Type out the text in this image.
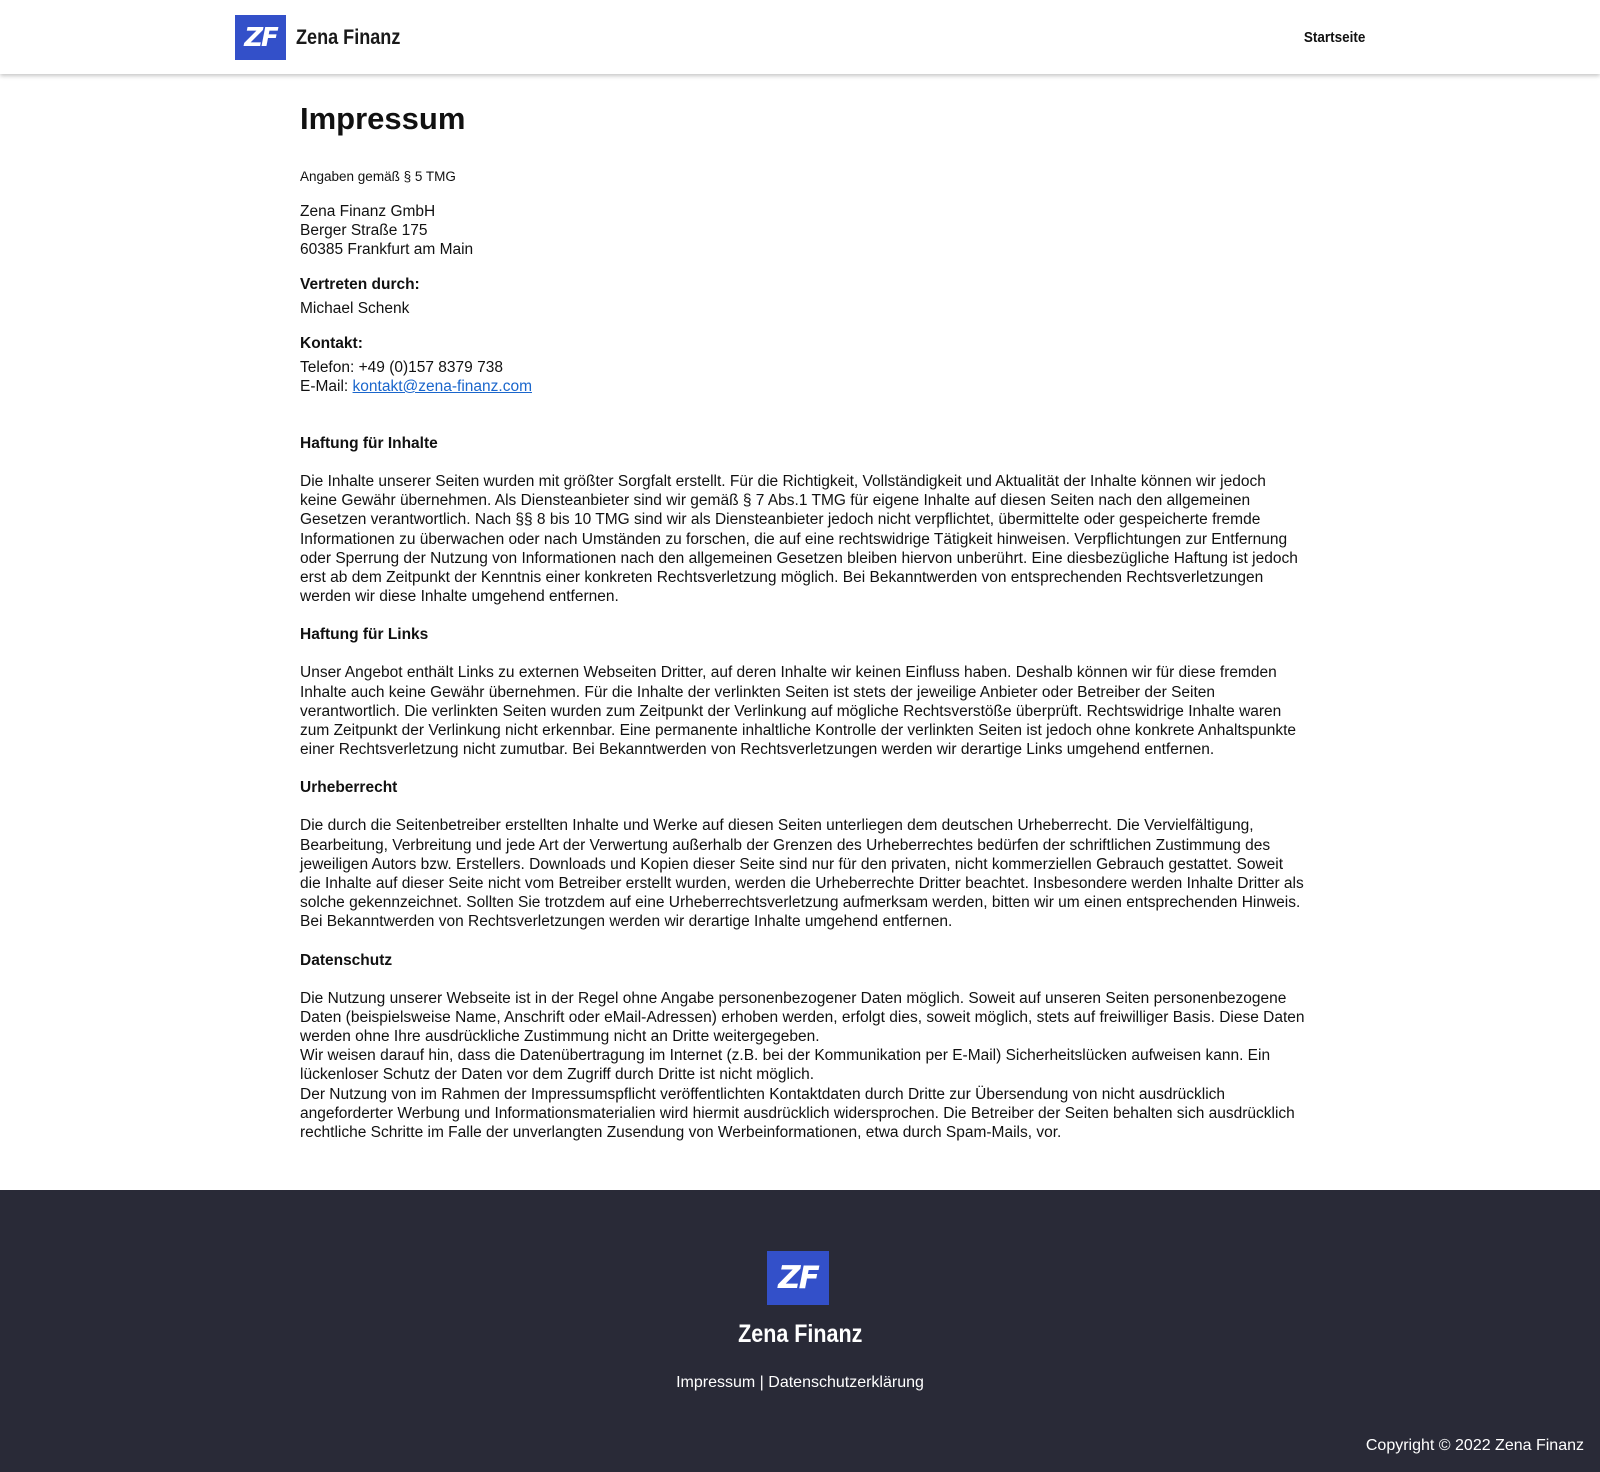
ZF Zena Finanz	Startseite
Impressum
Angaben gemäß § 5 TMG
Zena Finanz GmbH
Berger Straße 175
60385 Frankfurt am Main
Vertreten durch:
Michael Schenk
Kontakt:
Telefon: +49 (0)157 8379 738
E-Mail: kontakt@zena-finanz.com
Haftung für Inhalte
Die Inhalte unserer Seiten wurden mit größter Sorgfalt erstellt. Für die Richtigkeit, Vollständigkeit und Aktualität der Inhalte können wir jedoch keine Gewähr übernehmen. Als Diensteanbieter sind wir gemäß § 7 Abs.1 TMG für eigene Inhalte auf diesen Seiten nach den allgemeinen Gesetzen verantwortlich. Nach §§ 8 bis 10 TMG sind wir als Diensteanbieter jedoch nicht verpflichtet, übermittelte oder gespeicherte fremde Informationen zu überwachen oder nach Umständen zu forschen, die auf eine rechtswidrige Tätigkeit hinweisen. Verpflichtungen zur Entfernung oder Sperrung der Nutzung von Informationen nach den allgemeinen Gesetzen bleiben hiervon unberührt. Eine diesbezügliche Haftung ist jedoch erst ab dem Zeitpunkt der Kenntnis einer konkreten Rechtsverletzung möglich. Bei Bekanntwerden von entsprechenden Rechtsverletzungen werden wir diese Inhalte umgehend entfernen.
Haftung für Links
Unser Angebot enthält Links zu externen Webseiten Dritter, auf deren Inhalte wir keinen Einfluss haben. Deshalb können wir für diese fremden Inhalte auch keine Gewähr übernehmen. Für die Inhalte der verlinkten Seiten ist stets der jeweilige Anbieter oder Betreiber der Seiten verantwortlich. Die verlinkten Seiten wurden zum Zeitpunkt der Verlinkung auf mögliche Rechtsverstöße überprüft. Rechtswidrige Inhalte waren zum Zeitpunkt der Verlinkung nicht erkennbar. Eine permanente inhaltliche Kontrolle der verlinkten Seiten ist jedoch ohne konkrete Anhaltspunkte einer Rechtsverletzung nicht zumutbar. Bei Bekanntwerden von Rechtsverletzungen werden wir derartige Links umgehend entfernen.
Urheberrecht
Die durch die Seitenbetreiber erstellten Inhalte und Werke auf diesen Seiten unterliegen dem deutschen Urheberrecht. Die Vervielfältigung, Bearbeitung, Verbreitung und jede Art der Verwertung außerhalb der Grenzen des Urheberrechtes bedürfen der schriftlichen Zustimmung des jeweiligen Autors bzw. Erstellers. Downloads und Kopien dieser Seite sind nur für den privaten, nicht kommerziellen Gebrauch gestattet. Soweit die Inhalte auf dieser Seite nicht vom Betreiber erstellt wurden, werden die Urheberrechte Dritter beachtet. Insbesondere werden Inhalte Dritter als solche gekennzeichnet. Sollten Sie trotzdem auf eine Urheberrechtsverletzung aufmerksam werden, bitten wir um einen entsprechenden Hinweis. Bei Bekanntwerden von Rechtsverletzungen werden wir derartige Inhalte umgehend entfernen.
Datenschutz
Die Nutzung unserer Webseite ist in der Regel ohne Angabe personenbezogener Daten möglich. Soweit auf unseren Seiten personenbezogene Daten (beispielsweise Name, Anschrift oder eMail-Adressen) erhoben werden, erfolgt dies, soweit möglich, stets auf freiwilliger Basis. Diese Daten werden ohne Ihre ausdrückliche Zustimmung nicht an Dritte weitergegeben.
Wir weisen darauf hin, dass die Datenübertragung im Internet (z.B. bei der Kommunikation per E-Mail) Sicherheitslücken aufweisen kann. Ein lückenloser Schutz der Daten vor dem Zugriff durch Dritte ist nicht möglich.
Der Nutzung von im Rahmen der Impressumspflicht veröffentlichten Kontaktdaten durch Dritte zur Übersendung von nicht ausdrücklich angeforderter Werbung und Informationsmaterialien wird hiermit ausdrücklich widersprochen. Die Betreiber der Seiten behalten sich ausdrücklich rechtliche Schritte im Falle der unverlangten Zusendung von Werbeinformationen, etwa durch Spam-Mails, vor.
ZF
Zena Finanz
Impressum | Datenschutzerklärung
Copyright © 2022 Zena Finanz
